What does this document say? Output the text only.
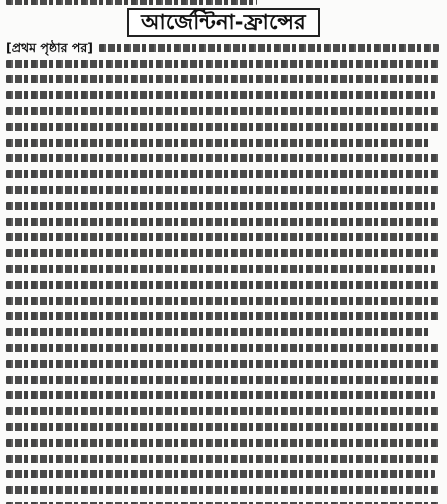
আর্জেন্টিনা-ফ্রান্সের
[প্রথম পৃষ্ঠার পর]
